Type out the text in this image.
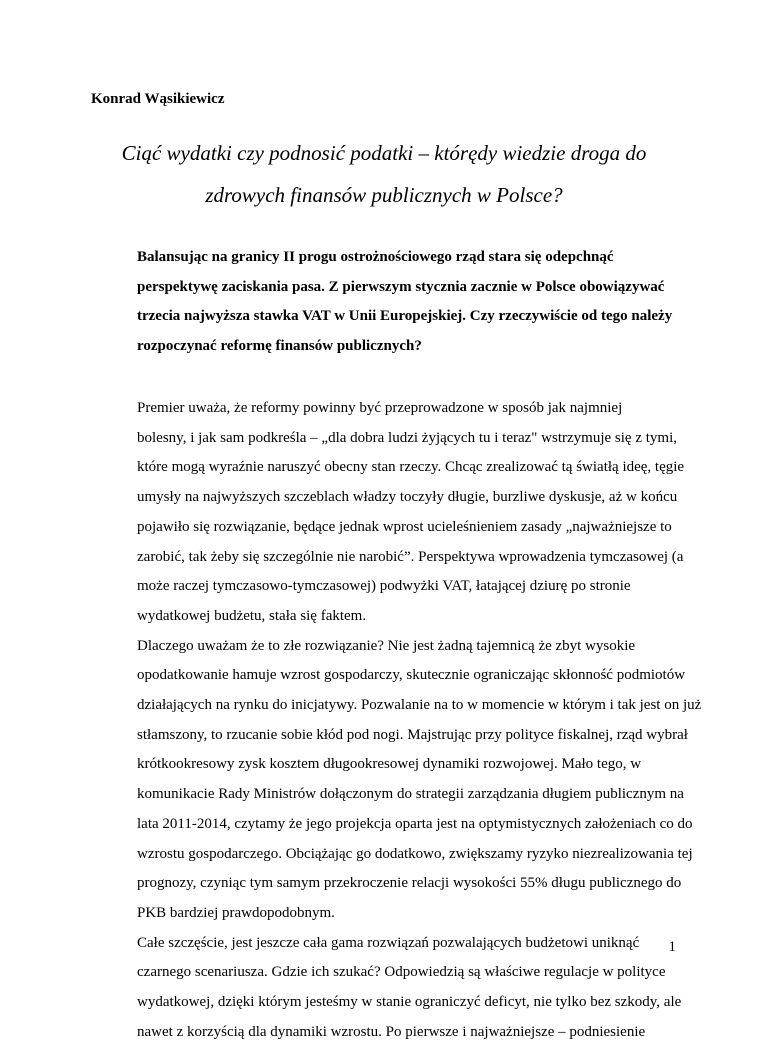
Konrad Wąsikiewicz
Ciąć wydatki czy podnosić podatki – którędy wiedzie droga do
zdrowych finansów publicznych w Polsce?
Balansując na granicy II progu ostrożnościowego rząd stara się odepchnąć
perspektywę zaciskania pasa. Z pierwszym stycznia zacznie w Polsce obowiązywać
trzecia najwyższa stawka VAT w Unii Europejskiej. Czy rzeczywiście od tego należy
rozpoczynać reformę finansów publicznych?

Premier uważa, że reformy powinny być przeprowadzone w sposób jak najmniej
bolesny, i jak sam podkreśla – „dla dobra ludzi żyjących tu i teraz" wstrzymuje się z tymi,
które mogą wyraźnie naruszyć obecny stan rzeczy. Chcąc zrealizować tą światłą ideę, tęgie
umysły na najwyższych szczeblach władzy toczyły długie, burzliwe dyskusje, aż w końcu
pojawiło się rozwiązanie, będące jednak wprost ucieleśnieniem zasady „najważniejsze to
zarobić, tak żeby się szczególnie nie narobić”. Perspektywa wprowadzenia tymczasowej (a
może raczej tymczasowo-tymczasowej) podwyżki VAT, łatającej dziurę po stronie
wydatkowej budżetu, stała się faktem.

Dlaczego uważam że to złe rozwiązanie? Nie jest żadną tajemnicą że zbyt wysokie
opodatkowanie hamuje wzrost gospodarczy, skutecznie ograniczając skłonność podmiotów
działających na rynku do inicjatywy. Pozwalanie na to w momencie w którym i tak jest on już
stłamszony, to rzucanie sobie kłód pod nogi. Majstrując przy polityce fiskalnej, rząd wybrał
krótkookresowy zysk kosztem długookresowej dynamiki rozwojowej. Mało tego, w
komunikacie Rady Ministrów dołączonym do strategii zarządzania długiem publicznym na
lata 2011-2014, czytamy że jego projekcja oparta jest na optymistycznych założeniach co do
wzrostu gospodarczego. Obciążając go dodatkowo, zwiększamy ryzyko niezrealizowania tej
prognozy, czyniąc tym samym przekroczenie relacji wysokości 55% długu publicznego do
PKB bardziej prawdopodobnym.

Całe szczęście, jest jeszcze cała gama rozwiązań pozwalających budżetowi uniknąć
czarnego scenariusza. Gdzie ich szukać? Odpowiedzią są właściwe regulacje w polityce
wydatkowej, dzięki którym jesteśmy w stanie ograniczyć deficyt, nie tylko bez szkody, ale
nawet z korzyścią dla dynamiki wzrostu. Po pierwsze i najważniejsze – podniesienie

1
